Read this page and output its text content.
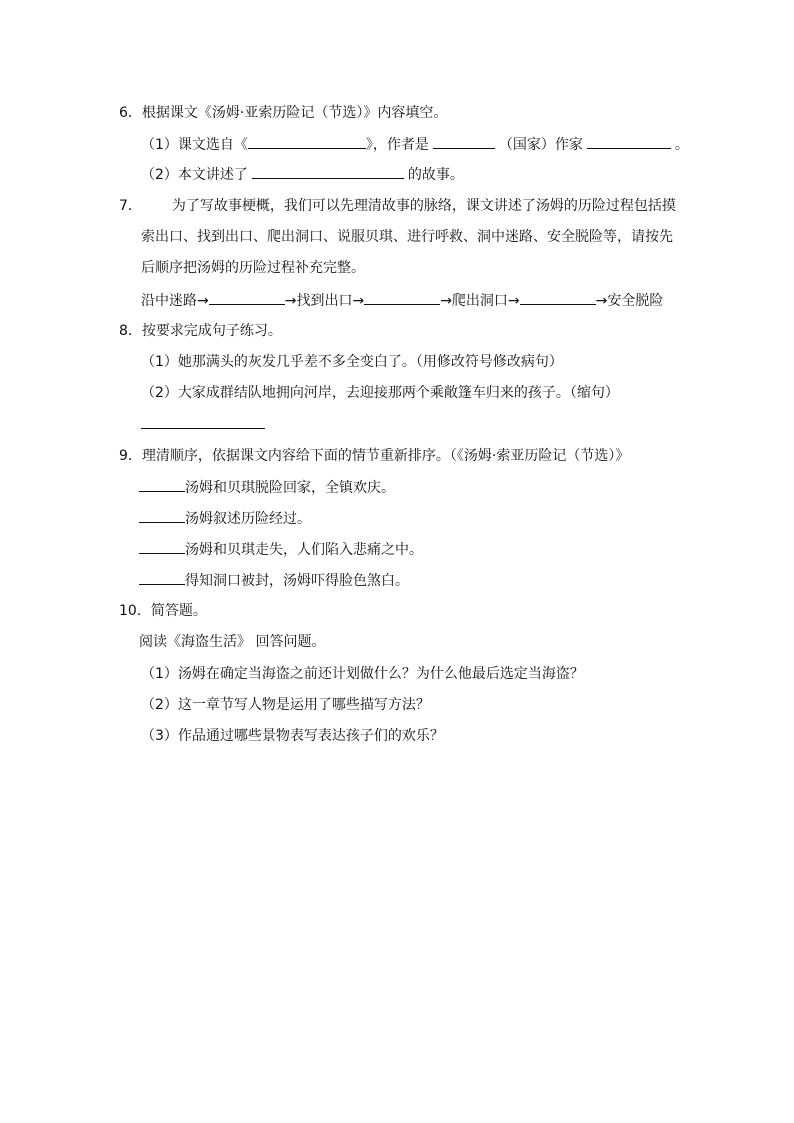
6．根据课文《汤姆·亚索历险记（节选）》内容填空。
（1）课文选自《	》，作者是	（国家）作家	。
（2）本文讲述了	的故事。
7． 为了写故事梗概，我们可以先理清故事的脉络，课文讲述了汤姆的历险过程包括摸
索出口、找到出口、爬出洞口、说服贝琪、进行呼救、洞中迷路、安全脱险等，请按先
后顺序把汤姆的历险过程补充完整。
沿中迷路→	→找到出口→	→爬出洞口→	→安全脱险
8．按要求完成句子练习。
（1）她那满头的灰发几乎差不多全变白了。（用修改符号修改病句）
（2）大家成群结队地拥向河岸，去迎接那两个乘敞篷车归来的孩子。（缩句）
9．理清顺序，依据课文内容给下面的情节重新排序。（《汤姆·索亚历险记（节选）》
汤姆和贝琪脱险回家，全镇欢庆。
汤姆叙述历险经过。
汤姆和贝琪走失，人们陷入悲痛之中。
得知洞口被封，汤姆吓得脸色煞白。
10．简答题。
阅读《海盗生活》 回答问题。
（1）汤姆在确定当海盗之前还计划做什么？为什么他最后选定当海盗？
（2）这一章节写人物是运用了哪些描写方法？
（3）作品通过哪些景物表写表达孩子们的欢乐？
